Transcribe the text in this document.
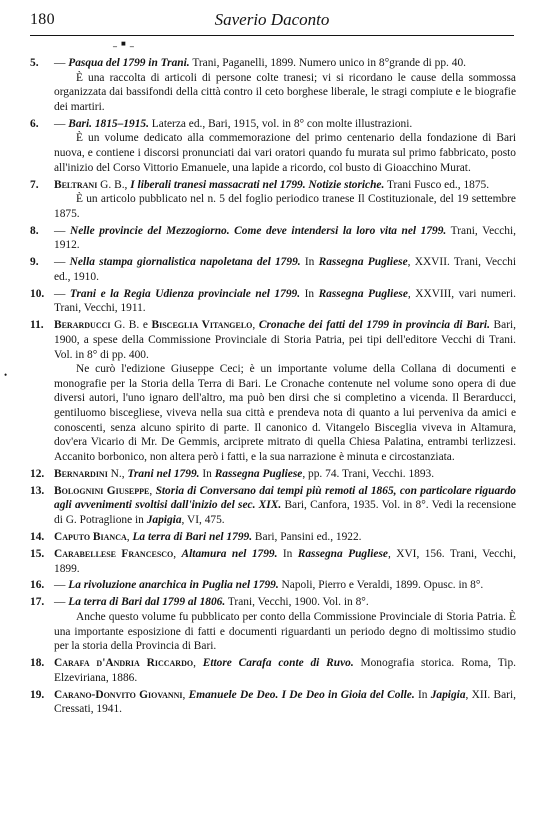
180	Saverio Daconto
_ ■ _
•
5. — Pasqua del 1799 in Trani. Trani, Paganelli, 1899. Numero unico in 8°grande di pp. 40.
È una raccolta di articoli di persone colte tranesi; vi si ricordano le cause della sommossa organizzata dai bassifondi della città contro il ceto borghese liberale, le stragi compiute e le biografie dei martiri.
6. — Bari. 1815–1915. Laterza ed., Bari, 1915, vol. in 8° con molte illustrazioni.
È un volume dedicato alla commemorazione del primo centenario della fondazione di Bari nuova, e contiene i discorsi pronunciati dai vari oratori quando fu murata sul primo fabbricato, posto all'inizio del Corso Vittorio Emanuele, una lapide a ricordo, col busto di Gioacchino Murat.
7. Beltrani G. B., I liberali tranesi massacrati nel 1799. Notizie storiche. Trani Fusco ed., 1875.
È un articolo pubblicato nel n. 5 del foglio periodico tranese Il Costituzionale, del 19 settembre 1875.
8. — Nelle provincie del Mezzogiorno. Come deve intendersi la loro vita nel 1799. Trani, Vecchi, 1912.
9. — Nella stampa giornalistica napoletana del 1799. In Rassegna Pugliese, XXVII. Trani, Vecchi ed., 1910.
10. — Trani e la Regia Udienza provinciale nel 1799. In Rassegna Pugliese, XXVIII, vari numeri. Trani, Vecchi, 1911.
11. Berarducci G. B. e Bisceglia Vitangelo, Cronache dei fatti del 1799 in provincia di Bari. Bari, 1900, a spese della Commissione Provinciale di Storia Patria, pei tipi dell'editore Vecchi di Trani. Vol. in 8° di pp. 400.
Ne curò l'edizione Giuseppe Ceci; è un importante volume della Collana di documenti e monografie per la Storia della Terra di Bari. Le Cronache contenute nel volume sono opera di due diversi autori, l'uno ignaro dell'altro, ma può ben dirsi che si completino a vicenda. Il Berarducci, gentiluomo biscegliese, viveva nella sua città e prendeva nota di quanto a lui perveniva da amici e conoscenti, senza alcuno spirito di parte. Il canonico d. Vitangelo Bisceglia viveva in Altamura, dov'era Vicario di Mr. De Gemmis, arciprete mitrato di quella Chiesa Palatina, entrambi terlizzesi. Accanito borbonico, non altera però i fatti, e la sua narrazione è minuta e circostanziata.
12. Bernardini N., Trani nel 1799. In Rassegna Pugliese, pp. 74. Trani, Vecchi. 1893.
13. Bolognini Giuseppe, Storia di Conversano dai tempi più remoti al 1865, con particolare riguardo agli avvenimenti svoltisi dall'inizio del sec. XIX. Bari, Canfora, 1935. Vol. in 8°. Vedi la recensione di G. Potraglione in Japigia, VI, 475.
14. Caputo Bianca, La terra di Bari nel 1799. Bari, Pansini ed., 1922.
15. Carabellese Francesco, Altamura nel 1799. In Rassegna Pugliese, XVI, 156. Trani, Vecchi, 1899.
16. — La rivoluzione anarchica in Puglia nel 1799. Napoli, Pierro e Veraldi, 1899. Opusc. in 8°.
17. — La terra di Bari dal 1799 al 1806. Trani, Vecchi, 1900. Vol. in 8°.
Anche questo volume fu pubblicato per conto della Commissione Provinciale di Storia Patria. È una importante esposizione di fatti e documenti riguardanti un periodo degno di moltissimo studio per la storia della Provincia di Bari.
18. Carafa d'Andria Riccardo, Ettore Carafa conte di Ruvo. Monografia storica. Roma, Tip. Elzeviriana, 1886.
19. Carano-Donvito Giovanni, Emanuele De Deo. I De Deo in Gioia del Colle. In Japigia, XII. Bari, Cressati, 1941.
